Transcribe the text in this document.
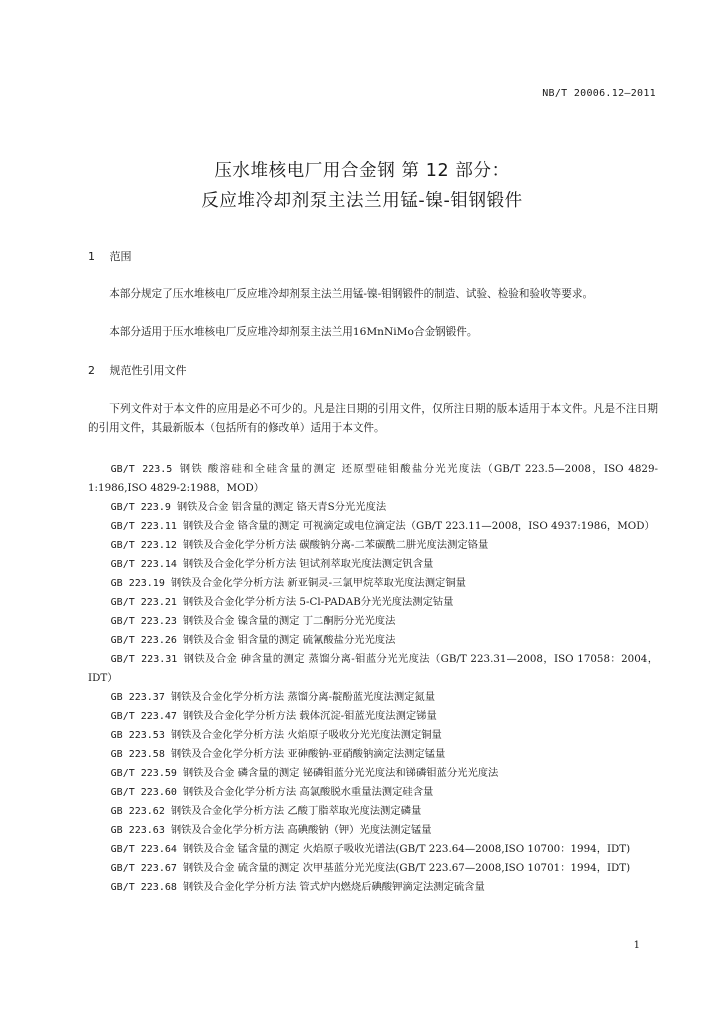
NB/T 20006.12—2011
压水堆核电厂用合金钢 第 12 部分：
反应堆冷却剂泵主法兰用锰-镍-钼钢锻件
1 范围
本部分规定了压水堆核电厂反应堆冷却剂泵主法兰用锰-镍-钼钢锻件的制造、试验、检验和验收等要求。
本部分适用于压水堆核电厂反应堆冷却剂泵主法兰用16MnNiMo合金钢锻件。
2 规范性引用文件
下列文件对于本文件的应用是必不可少的。凡是注日期的引用文件，仅所注日期的版本适用于本文件。凡是不注日期的引用文件，其最新版本（包括所有的修改单）适用于本文件。
GB/T 223.5 钢铁 酸溶硅和全硅含量的测定 还原型硅钼酸盐分光光度法（GB/T 223.5—2008，ISO 4829-1:1986,ISO 4829-2:1988，MOD）
GB/T 223.9 钢铁及合金 铝含量的测定 铬天青S分光光度法
GB/T 223.11 钢铁及合金 铬含量的测定 可视滴定或电位滴定法（GB/T 223.11—2008，ISO 4937:1986，MOD）
GB/T 223.12 钢铁及合金化学分析方法 碳酸钠分离-二苯碳酰二肼光度法测定铬量
GB/T 223.14 钢铁及合金化学分析方法 钽试剂萃取光度法测定钒含量
GB 223.19 钢铁及合金化学分析方法 新亚铜灵-三氯甲烷萃取光度法测定铜量
GB/T 223.21 钢铁及合金化学分析方法 5-Cl-PADAB分光光度法测定钴量
GB/T 223.23 钢铁及合金 镍含量的测定 丁二酮肟分光光度法
GB/T 223.26 钢铁及合金 钼含量的测定 硫氰酸盐分光光度法
GB/T 223.31 钢铁及合金 砷含量的测定 蒸馏分离-钼蓝分光光度法（GB/T 223.31—2008，ISO 17058：2004，IDT）
GB 223.37 钢铁及合金化学分析方法 蒸馏分离-靛酚蓝光度法测定氮量
GB/T 223.47 钢铁及合金化学分析方法 载体沉淀-钼蓝光度法测定锑量
GB 223.53 钢铁及合金化学分析方法 火焰原子吸收分光光度法测定铜量
GB 223.58 钢铁及合金化学分析方法 亚砷酸钠-亚硝酸钠滴定法测定锰量
GB/T 223.59 钢铁及合金 磷含量的测定 铋磷钼蓝分光光度法和锑磷钼蓝分光光度法
GB/T 223.60 钢铁及合金化学分析方法 高氯酸脱水重量法测定硅含量
GB 223.62 钢铁及合金化学分析方法 乙酸丁脂萃取光度法测定磷量
GB 223.63 钢铁及合金化学分析方法 高碘酸钠（钾）光度法测定锰量
GB/T 223.64 钢铁及合金 锰含量的测定 火焰原子吸收光谱法(GB/T 223.64—2008,ISO 10700：1994，IDT)
GB/T 223.67 钢铁及合金 硫含量的测定 次甲基蓝分光光度法(GB/T 223.67—2008,ISO 10701：1994，IDT)
GB/T 223.68 钢铁及合金化学分析方法 管式炉内燃烧后碘酸钾滴定法测定硫含量
1
